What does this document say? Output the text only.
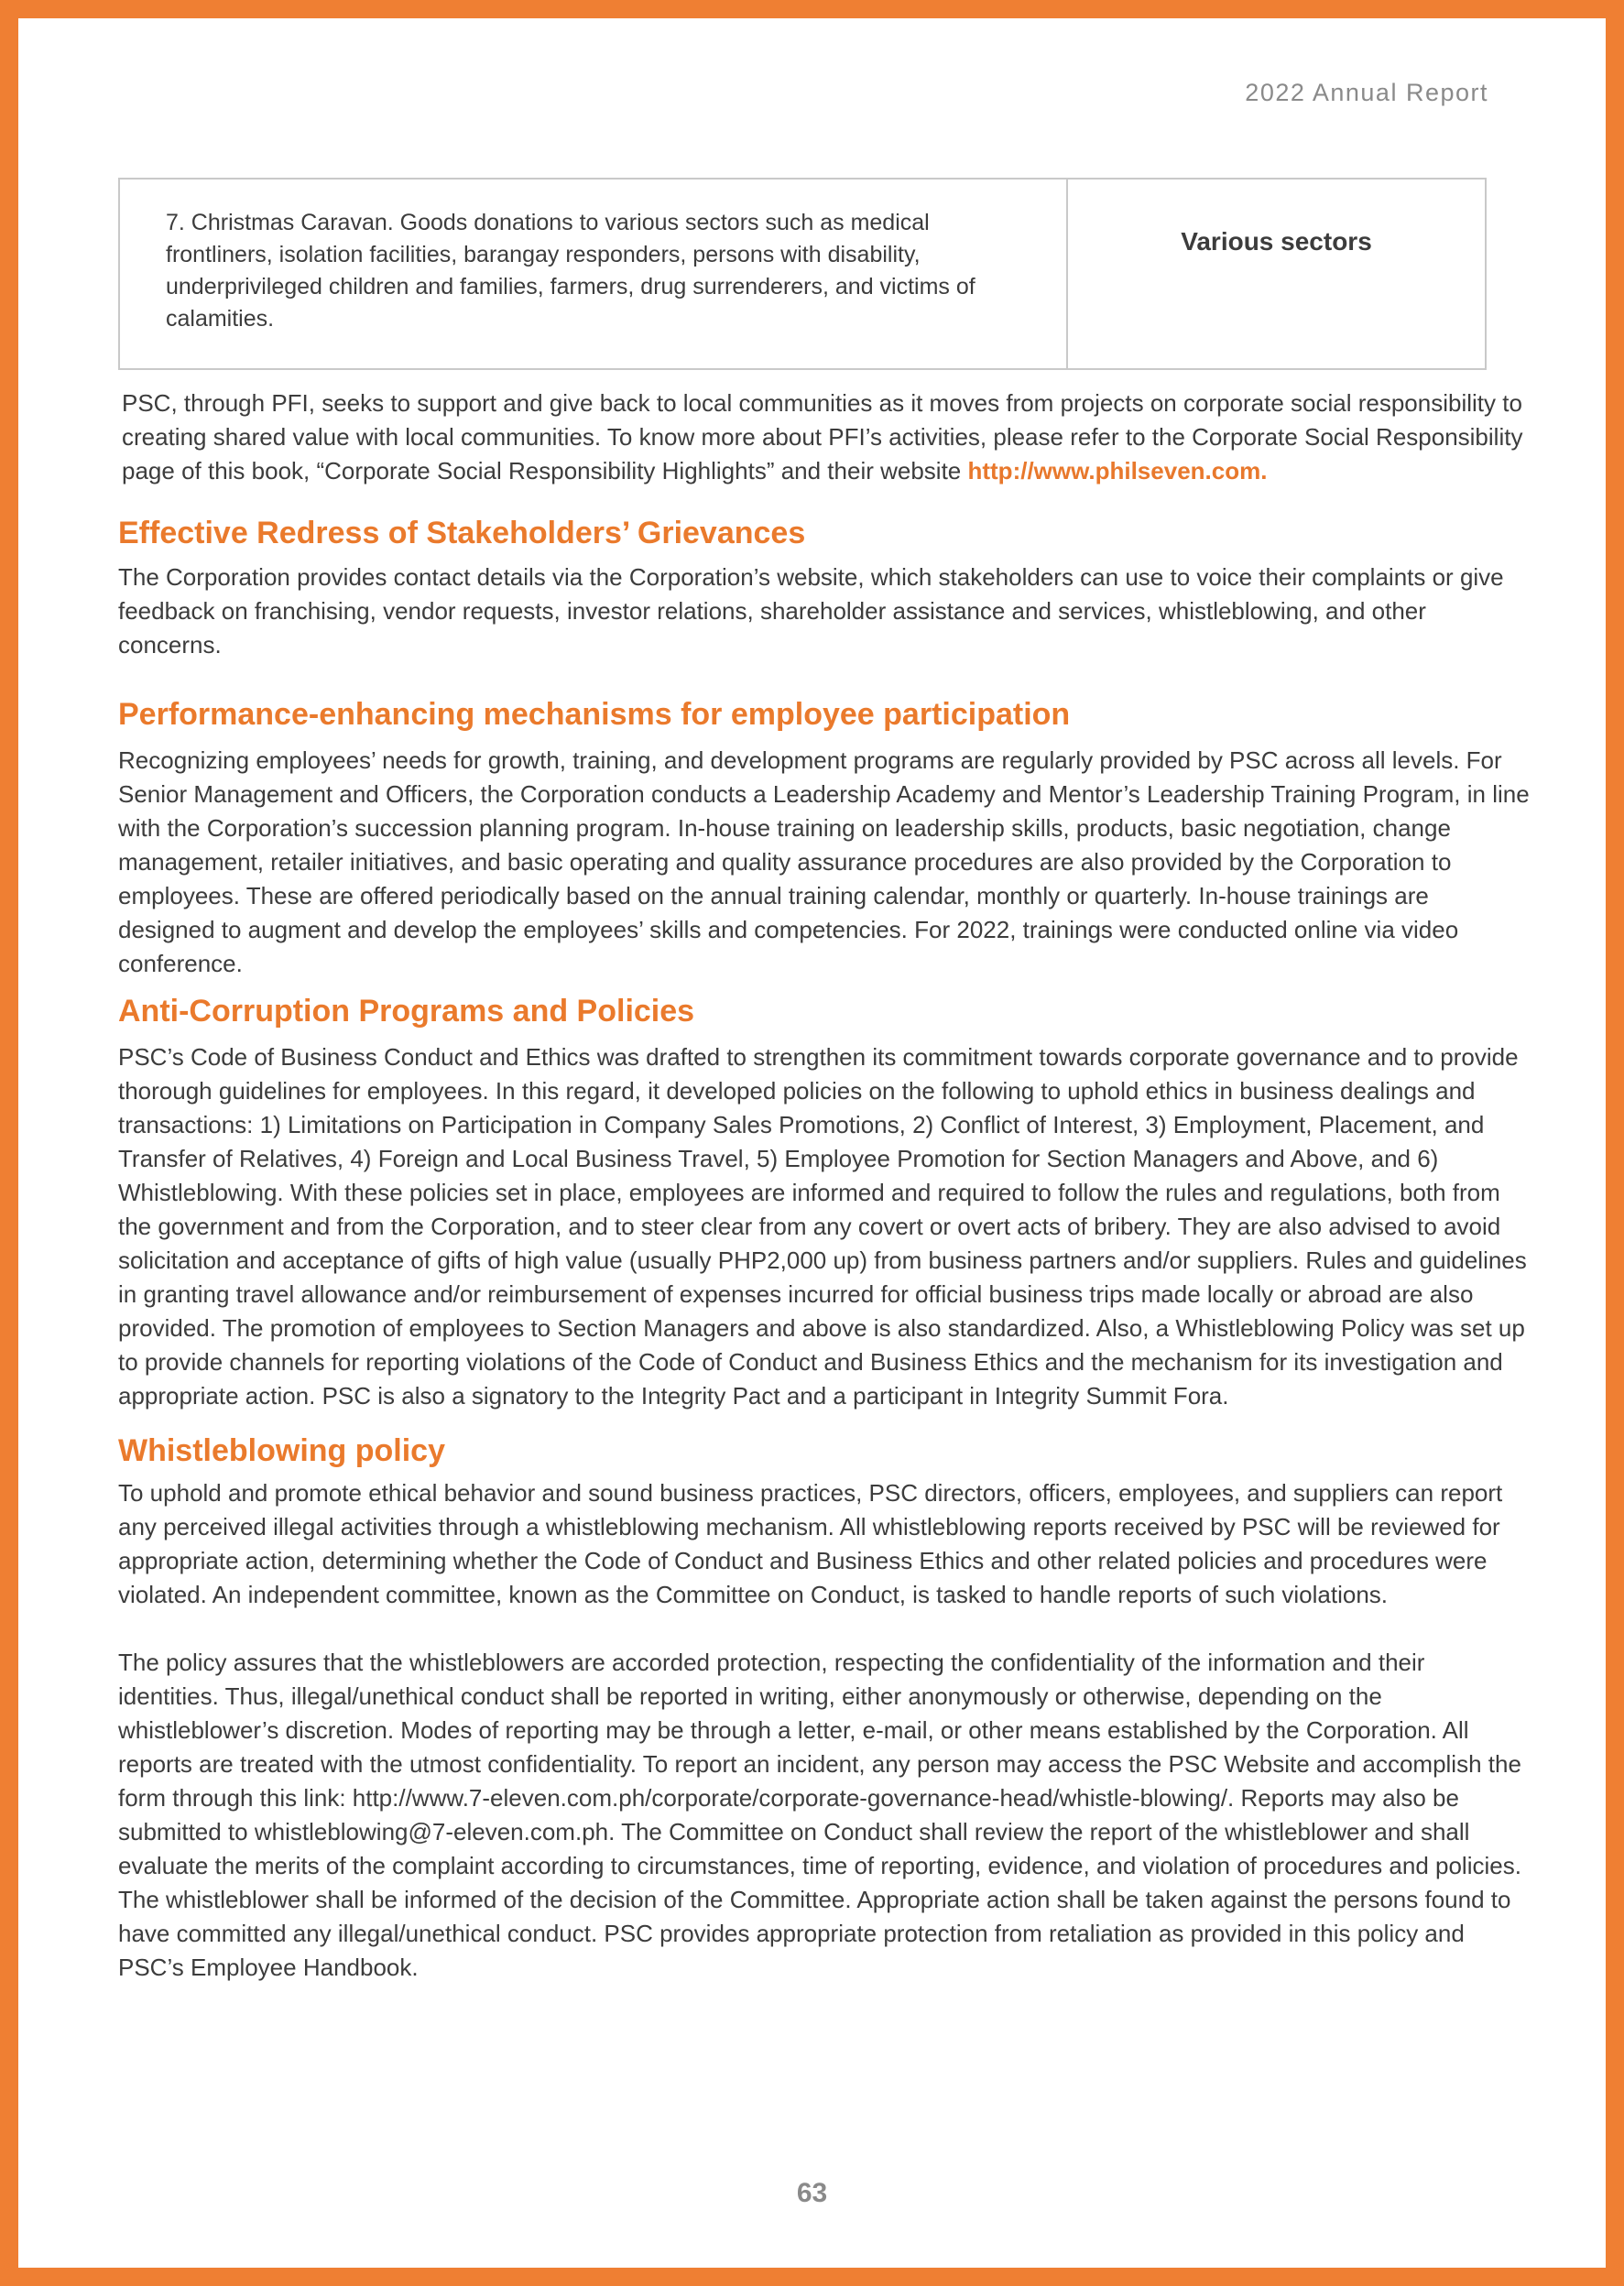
2022 Annual Report
7. Christmas Caravan. Goods donations to various sectors such as medical frontliners, isolation facilities, barangay responders, persons with disability, underprivileged children and families, farmers, drug surrenderers, and victims of calamities.	Various sectors

PSC, through PFI, seeks to support and give back to local communities as it moves from projects on corporate social responsibility to creating shared value with local communities. To know more about PFI’s activities, please refer to the Corporate Social Responsibility page of this book, “Corporate Social Responsibility Highlights” and their website http://www.philseven.com.

Effective Redress of Stakeholders’ Grievances

The Corporation provides contact details via the Corporation’s website, which stakeholders can use to voice their complaints or give feedback on franchising, vendor requests, investor relations, shareholder assistance and services, whistleblowing, and other concerns.

Performance-enhancing mechanisms for employee participation

Recognizing employees’ needs for growth, training, and development programs are regularly provided by PSC across all levels. For Senior Management and Officers, the Corporation conducts a Leadership Academy and Mentor’s Leadership Training Program, in line with the Corporation’s succession planning program. In-house training on leadership skills, products, basic negotiation, change management, retailer initiatives, and basic operating and quality assurance procedures are also provided by the Corporation to employees. These are offered periodically based on the annual training calendar, monthly or quarterly. In-house trainings are designed to augment and develop the employees’ skills and competencies. For 2022, trainings were conducted online via video conference.

Anti-Corruption Programs and Policies

PSC’s Code of Business Conduct and Ethics was drafted to strengthen its commitment towards corporate governance and to provide thorough guidelines for employees. In this regard, it developed policies on the following to uphold ethics in business dealings and transactions: 1) Limitations on Participation in Company Sales Promotions, 2) Conflict of Interest, 3) Employment, Placement, and Transfer of Relatives, 4) Foreign and Local Business Travel, 5) Employee Promotion for Section Managers and Above, and 6) Whistleblowing. With these policies set in place, employees are informed and required to follow the rules and regulations, both from the government and from the Corporation, and to steer clear from any covert or overt acts of bribery. They are also advised to avoid solicitation and acceptance of gifts of high value (usually PHP2,000 up) from business partners and/or suppliers. Rules and guidelines in granting travel allowance and/or reimbursement of expenses incurred for official business trips made locally or abroad are also provided. The promotion of employees to Section Managers and above is also standardized. Also, a Whistleblowing Policy was set up to provide channels for reporting violations of the Code of Conduct and Business Ethics and the mechanism for its investigation and appropriate action. PSC is also a signatory to the Integrity Pact and a participant in Integrity Summit Fora.

Whistleblowing policy

To uphold and promote ethical behavior and sound business practices, PSC directors, officers, employees, and suppliers can report any perceived illegal activities through a whistleblowing mechanism. All whistleblowing reports received by PSC will be reviewed for appropriate action, determining whether the Code of Conduct and Business Ethics and other related policies and procedures were violated. An independent committee, known as the Committee on Conduct, is tasked to handle reports of such violations.

The policy assures that the whistleblowers are accorded protection, respecting the confidentiality of the information and their identities. Thus, illegal/unethical conduct shall be reported in writing, either anonymously or otherwise, depending on the whistleblower’s discretion. Modes of reporting may be through a letter, e-mail, or other means established by the Corporation. All reports are treated with the utmost confidentiality. To report an incident, any person may access the PSC Website and accomplish the form through this link: http://www.7-eleven.com.ph/corporate/corporate-governance-head/whistle-blowing/. Reports may also be submitted to whistleblowing@7-eleven.com.ph. The Committee on Conduct shall review the report of the whistleblower and shall evaluate the merits of the complaint according to circumstances, time of reporting, evidence, and violation of procedures and policies. The whistleblower shall be informed of the decision of the Committee. Appropriate action shall be taken against the persons found to have committed any illegal/unethical conduct. PSC provides appropriate protection from retaliation as provided in this policy and PSC’s Employee Handbook.

63
